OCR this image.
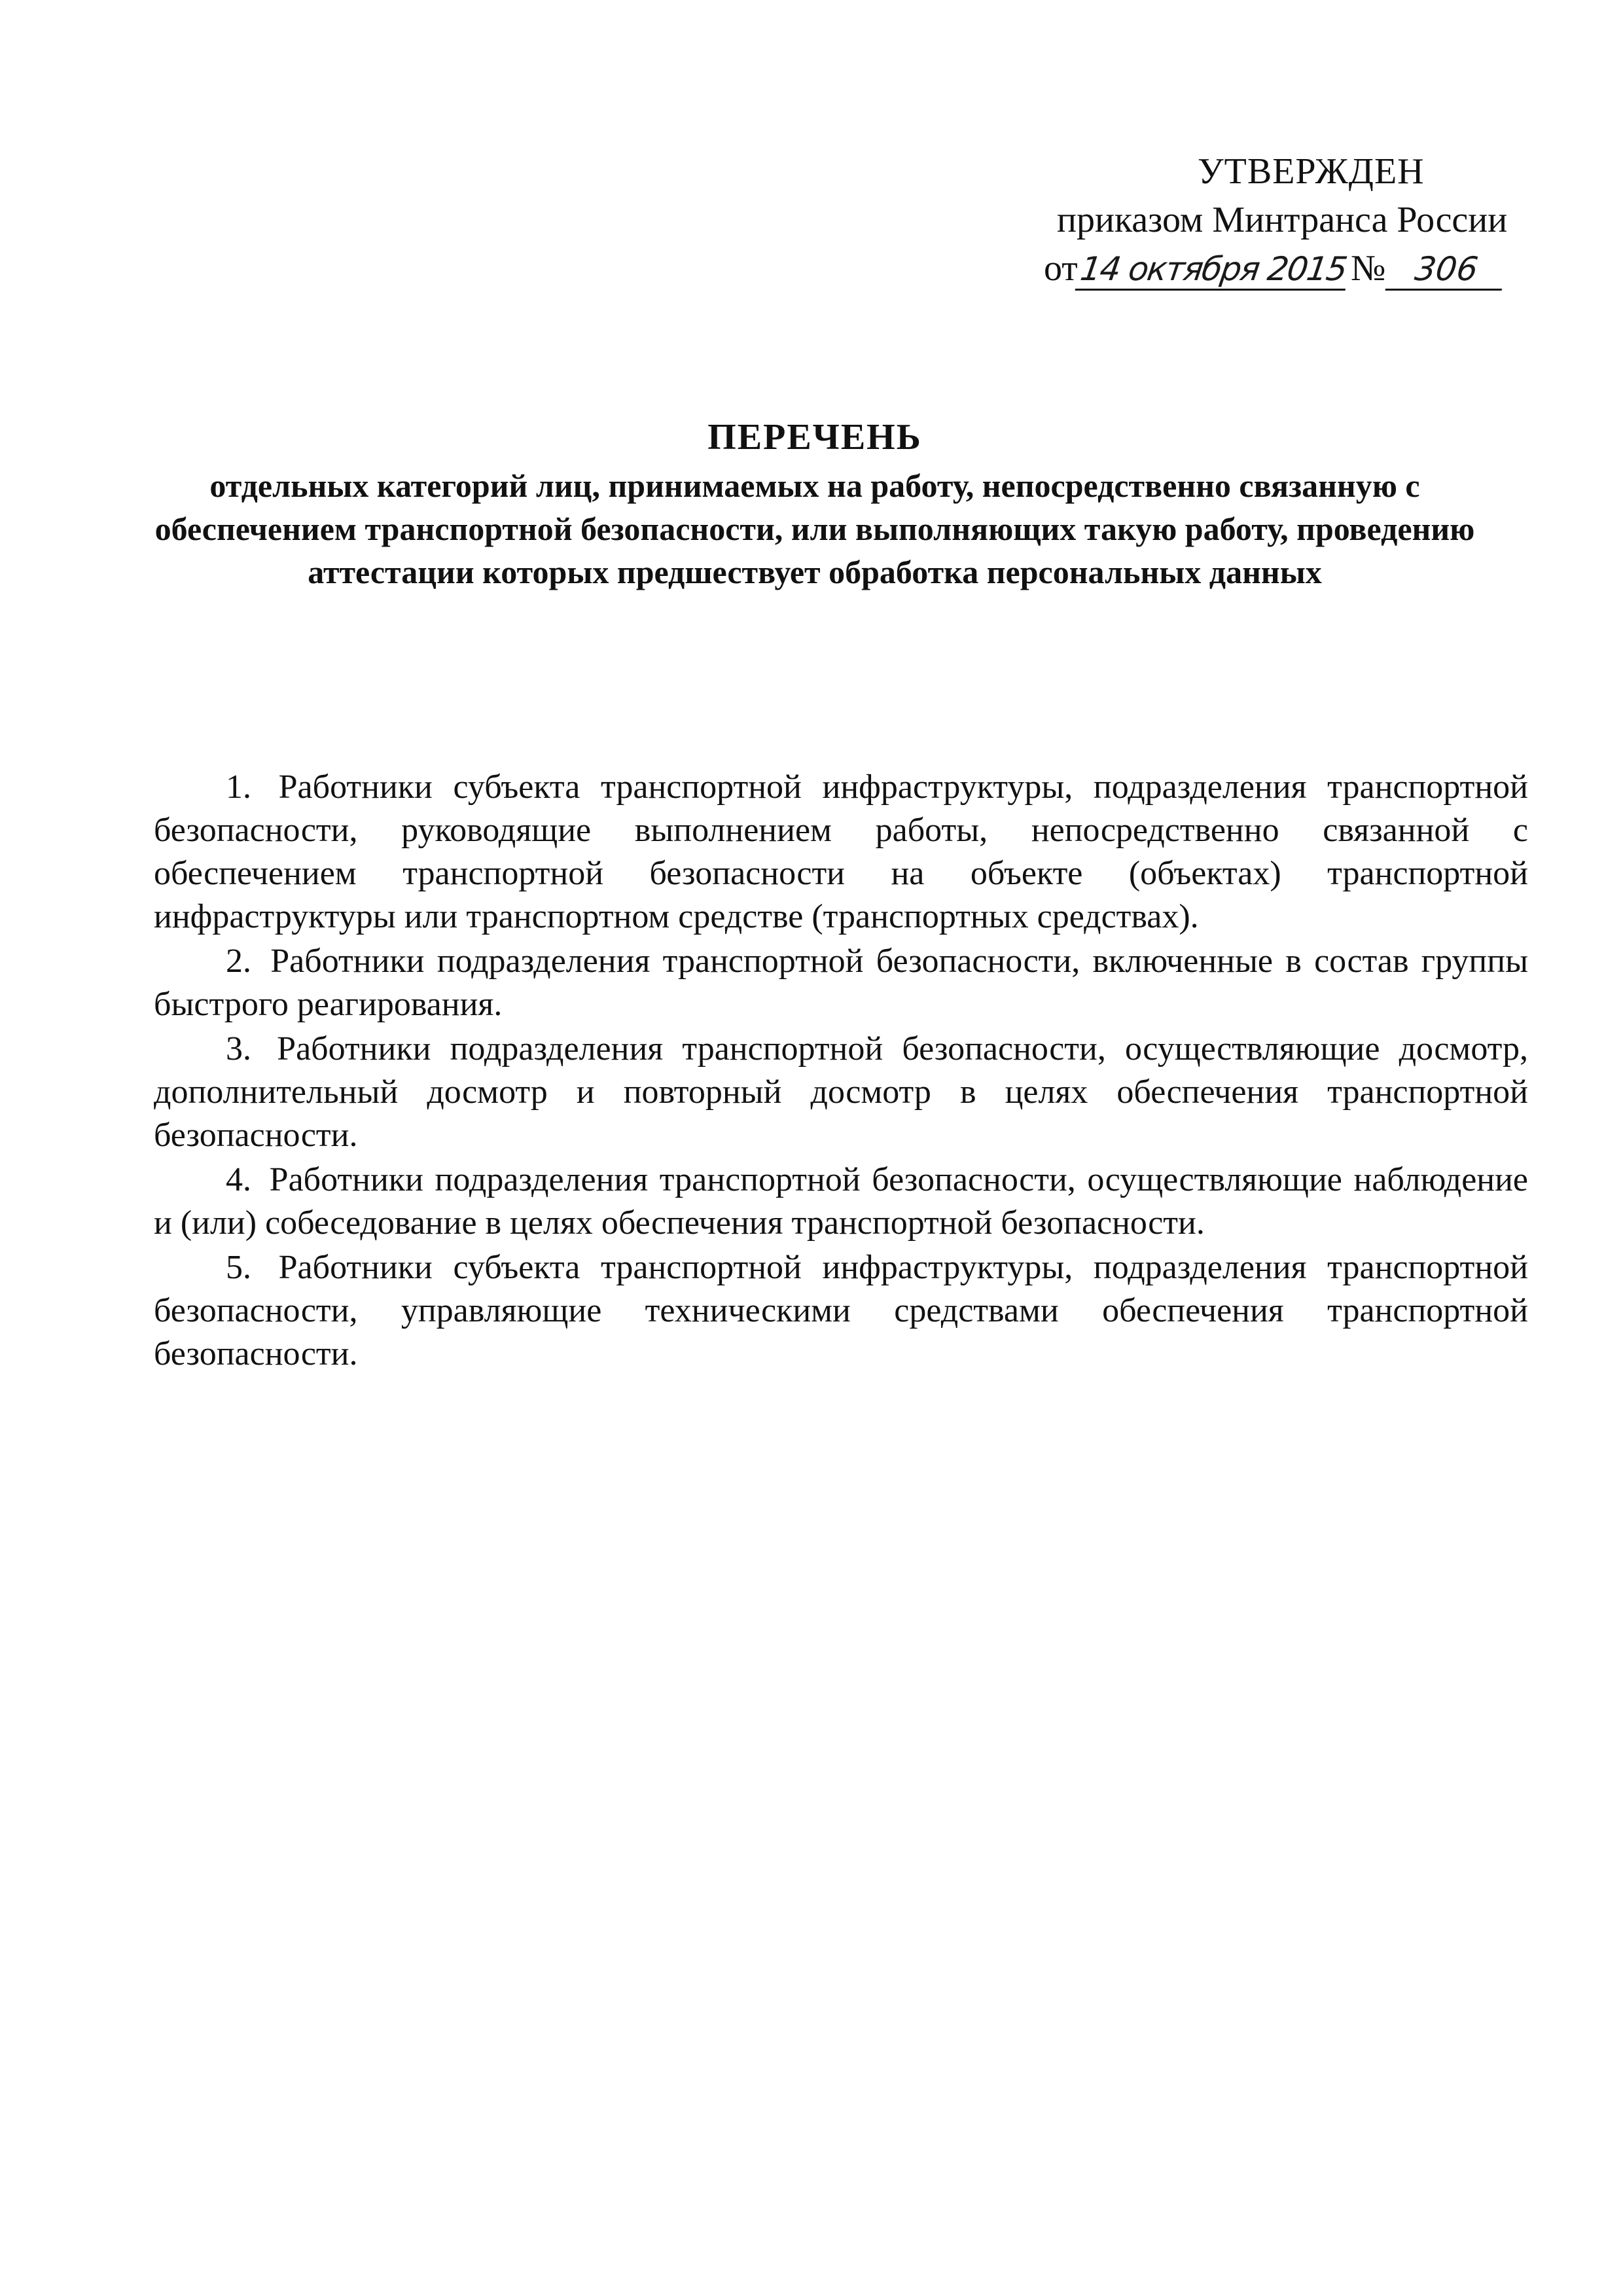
УТВЕРЖДЕН
приказом Минтранса России
от14 октября 2015№ 306
ПЕРЕЧЕНЬ
отдельных категорий лиц, принимаемых на работу, непосредственно связанную с обеспечением транспортной безопасности, или выполняющих такую работу, проведению аттестации которых предшествует обработка персональных данных

1. Работники субъекта транспортной инфраструктуры, подразделения транспортной безопасности, руководящие выполнением работы, непосредственно связанной с обеспечением транспортной безопасности на объекте (объектах) транспортной инфраструктуры или транспортном средстве (транспортных средствах).

2. Работники подразделения транспортной безопасности, включенные в состав группы быстрого реагирования.

3. Работники подразделения транспортной безопасности, осуществляющие досмотр, дополнительный досмотр и повторный досмотр в целях обеспечения транспортной безопасности.

4. Работники подразделения транспортной безопасности, осуществляющие наблюдение и (или) собеседование в целях обеспечения транспортной безопасности.

5. Работники субъекта транспортной инфраструктуры, подразделения транспортной безопасности, управляющие техническими средствами обеспечения транспортной безопасности.
